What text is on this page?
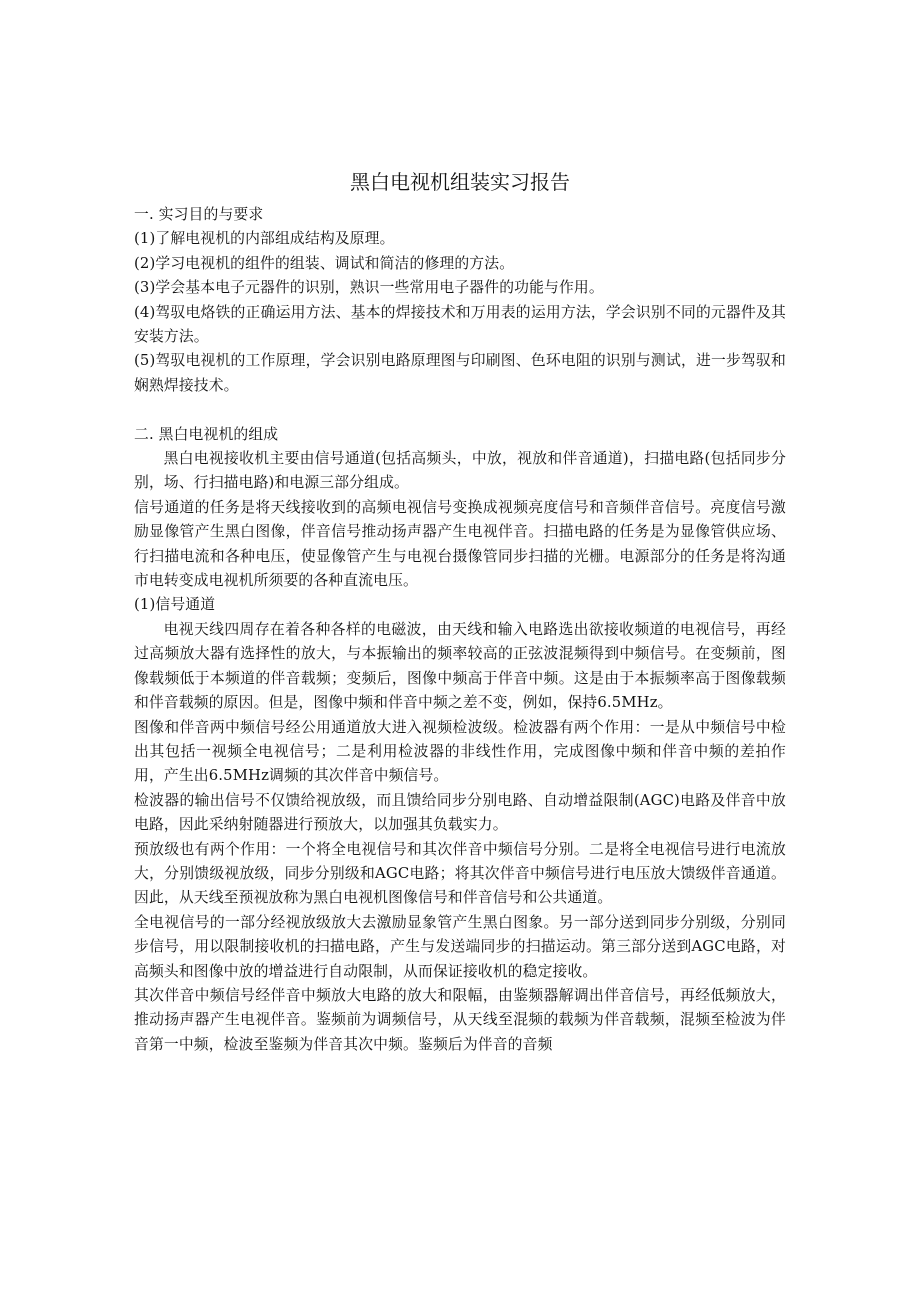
黑白电视机组装实习报告

一. 实习目的与要求

(1)了解电视机的内部组成结构及原理。

(2)学习电视机的组件的组装、调试和简洁的修理的方法。

(3)学会基本电子元器件的识别，熟识一些常用电子器件的功能与作用。

(4)驾驭电烙铁的正确运用方法、基本的焊接技术和万用表的运用方法，学会识别不同的元器件及其安装方法。

(5)驾驭电视机的工作原理，学会识别电路原理图与印刷图、色环电阻的识别与测试，进一步驾驭和娴熟焊接技术。

二. 黑白电视机的组成

黑白电视接收机主要由信号通道(包括高频头，中放，视放和伴音通道)，扫描电路(包括同步分别，场、行扫描电路)和电源三部分组成。

信号通道的任务是将天线接收到的高频电视信号变换成视频亮度信号和音频伴音信号。亮度信号激励显像管产生黑白图像，伴音信号推动扬声器产生电视伴音。扫描电路的任务是为显像管供应场、行扫描电流和各种电压，使显像管产生与电视台摄像管同步扫描的光栅。电源部分的任务是将沟通市电转变成电视机所须要的各种直流电压。

(1)信号通道

电视天线四周存在着各种各样的电磁波，由天线和输入电路选出欲接收频道的电视信号，再经过高频放大器有选择性的放大，与本振输出的频率较高的正弦波混频得到中频信号。在变频前，图像载频低于本频道的伴音载频；变频后，图像中频高于伴音中频。这是由于本振频率高于图像载频和伴音载频的原因。但是，图像中频和伴音中频之差不变，例如，保持6.5MHz。

图像和伴音两中频信号经公用通道放大进入视频检波级。检波器有两个作用：一是从中频信号中检出其包括一视频全电视信号；二是利用检波器的非线性作用，完成图像中频和伴音中频的差拍作用，产生出6.5MHz调频的其次伴音中频信号。

检波器的输出信号不仅馈给视放级，而且馈给同步分别电路、自动增益限制(AGC)电路及伴音中放电路，因此采纳射随器进行预放大，以加强其负载实力。

预放级也有两个作用：一个将全电视信号和其次伴音中频信号分别。二是将全电视信号进行电流放大，分别馈级视放级，同步分别级和AGC电路；将其次伴音中频信号进行电压放大馈级伴音通道。因此，从天线至预视放称为黑白电视机图像信号和伴音信号和公共通道。

全电视信号的一部分经视放级放大去激励显象管产生黑白图象。另一部分送到同步分别级，分别同步信号，用以限制接收机的扫描电路，产生与发送端同步的扫描运动。第三部分送到AGC电路，对高频头和图像中放的增益进行自动限制，从而保证接收机的稳定接收。

其次伴音中频信号经伴音中频放大电路的放大和限幅，由鉴频器解调出伴音信号，再经低频放大，推动扬声器产生电视伴音。鉴频前为调频信号，从天线至混频的载频为伴音载频，混频至检波为伴音第一中频，检波至鉴频为伴音其次中频。鉴频后为伴音的音频
